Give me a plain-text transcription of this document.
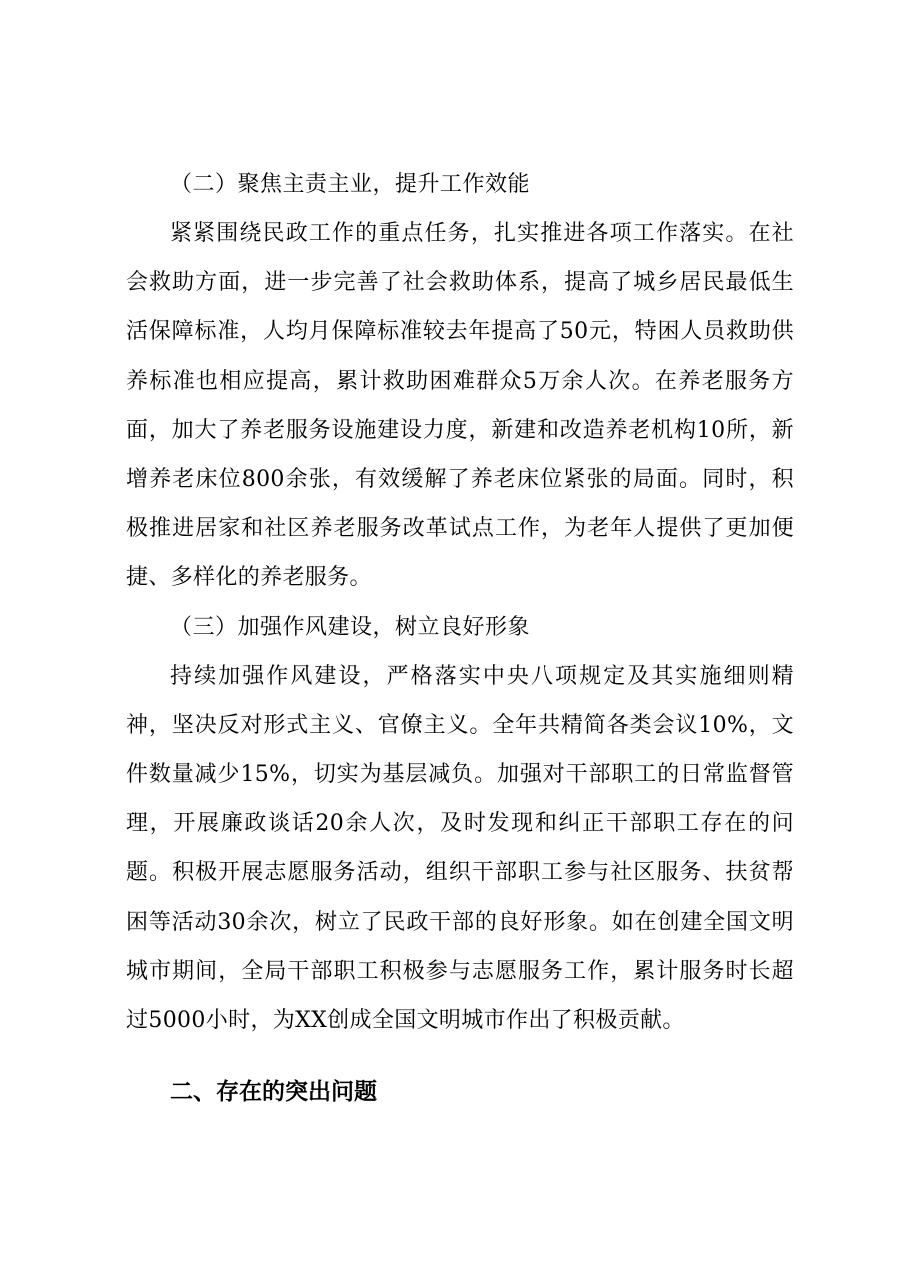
（二）聚焦主责主业，提升工作效能

紧紧围绕民政工作的重点任务，扎实推进各项工作落实。在社会救助方面，进一步完善了社会救助体系，提高了城乡居民最低生活保障标准，人均月保障标准较去年提高了50元，特困人员救助供养标准也相应提高，累计救助困难群众5万余人次。在养老服务方面，加大了养老服务设施建设力度，新建和改造养老机构10所，新增养老床位800余张，有效缓解了养老床位紧张的局面。同时，积极推进居家和社区养老服务改革试点工作，为老年人提供了更加便捷、多样化的养老服务。

（三）加强作风建设，树立良好形象

持续加强作风建设，严格落实中央八项规定及其实施细则精神，坚决反对形式主义、官僚主义。全年共精简各类会议10%，文件数量减少15%，切实为基层减负。加强对干部职工的日常监督管理，开展廉政谈话20余人次，及时发现和纠正干部职工存在的问题。积极开展志愿服务活动，组织干部职工参与社区服务、扶贫帮困等活动30余次，树立了民政干部的良好形象。如在创建全国文明城市期间，全局干部职工积极参与志愿服务工作，累计服务时长超过5000小时，为XX创成全国文明城市作出了积极贡献。

二、存在的突出问题
